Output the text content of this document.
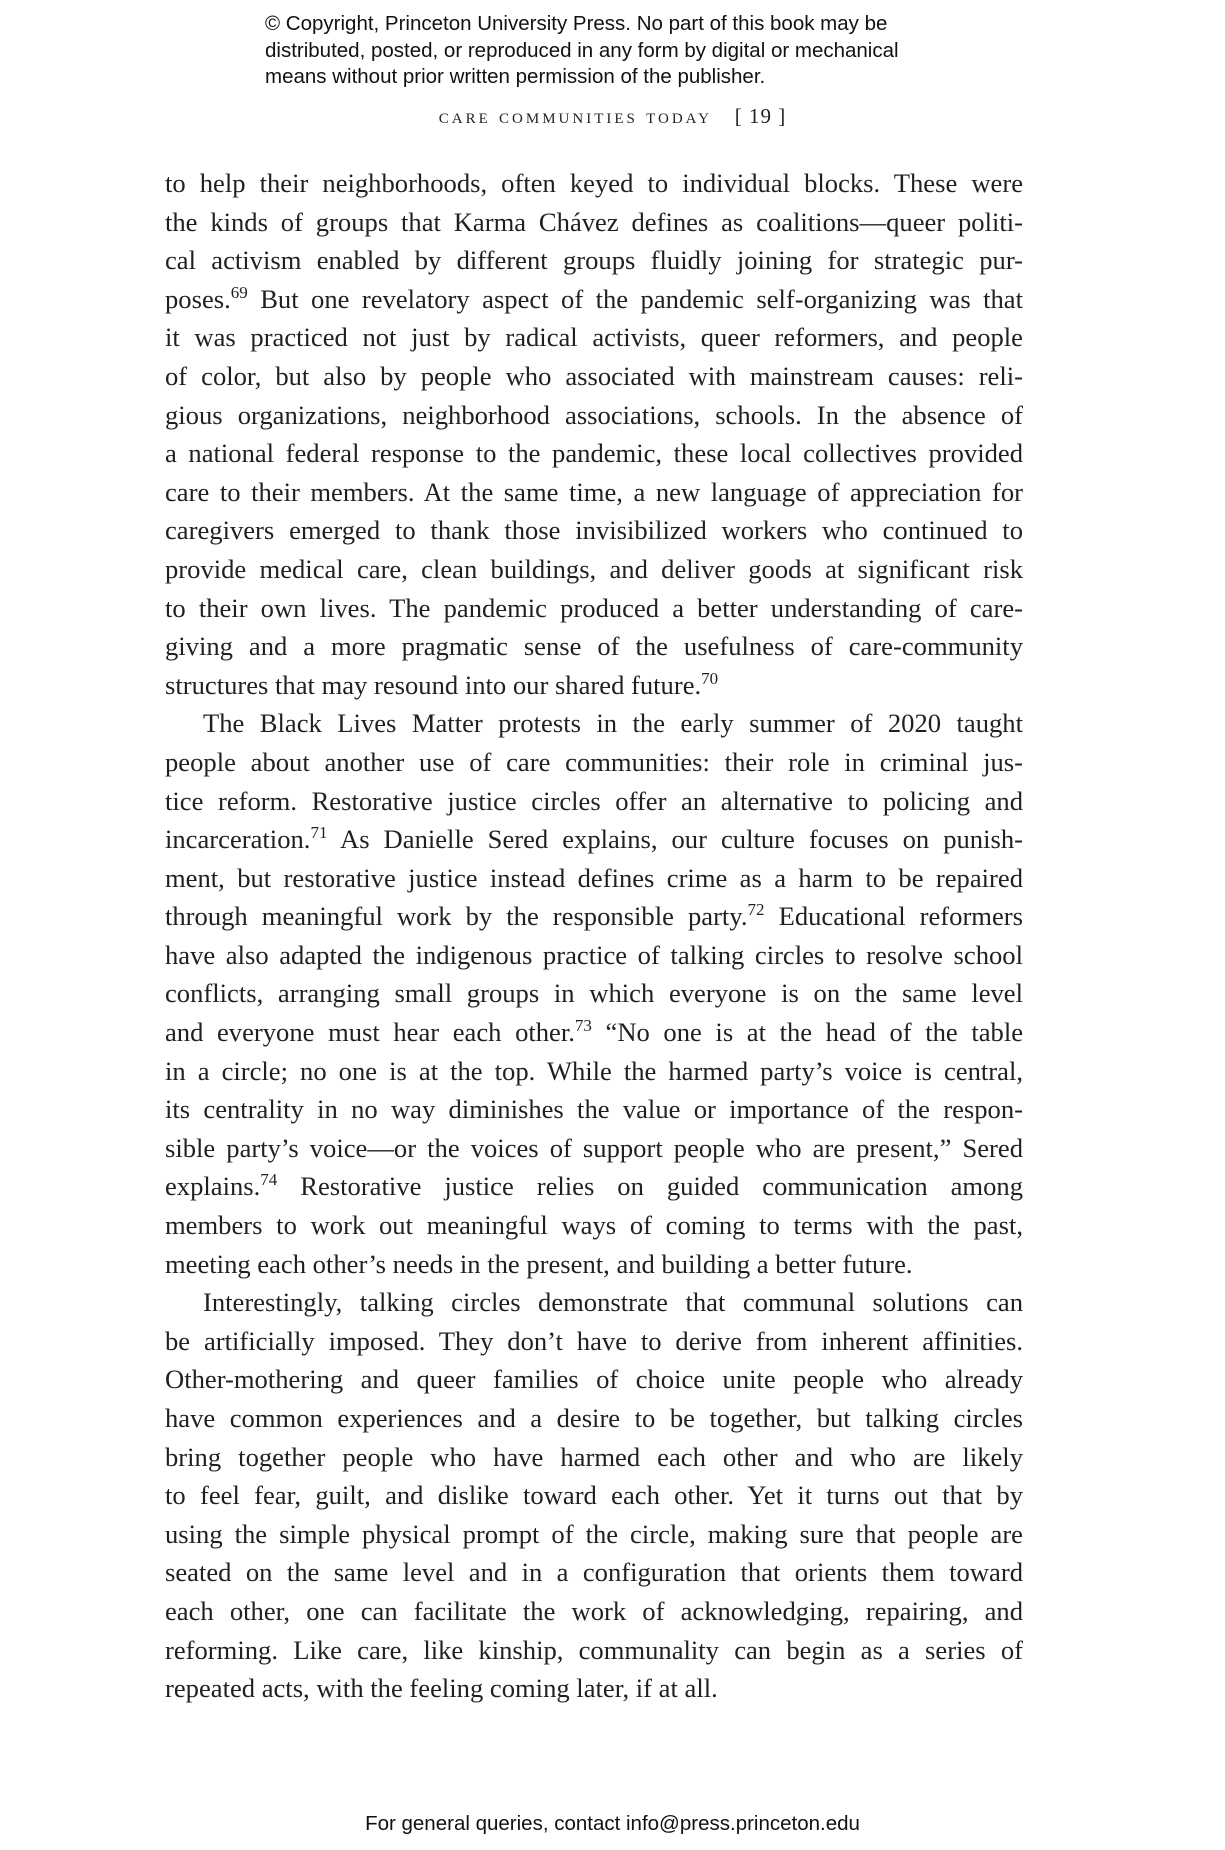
© Copyright, Princeton University Press. No part of this book may be
distributed, posted, or reproduced in any form by digital or mechanical
means without prior written permission of the publisher.
care communities today [ 19 ]

to help their neighborhoods, often keyed to individual blocks. These were
the kinds of groups that Karma Chávez defines as coalitions—queer politi-
cal activism enabled by different groups fluidly joining for strategic pur-
poses.$^{69}$ But one revelatory aspect of the pandemic self-organizing was that
it was practiced not just by radical activists, queer reformers, and people
of color, but also by people who associated with mainstream causes: reli-
gious organizations, neighborhood associations, schools. In the absence of
a national federal response to the pandemic, these local collectives provided
care to their members. At the same time, a new language of appreciation for
caregivers emerged to thank those invisibilized workers who continued to
provide medical care, clean buildings, and deliver goods at significant risk
to their own lives. The pandemic produced a better understanding of care-
giving and a more pragmatic sense of the usefulness of care-community
structures that may resound into our shared future.$^{70}$

The Black Lives Matter protests in the early summer of 2020 taught
people about another use of care communities: their role in criminal jus-
tice reform. Restorative justice circles offer an alternative to policing and
incarceration.$^{71}$ As Danielle Sered explains, our culture focuses on punish-
ment, but restorative justice instead defines crime as a harm to be repaired
through meaningful work by the responsible party.$^{72}$ Educational reformers
have also adapted the indigenous practice of talking circles to resolve school
conflicts, arranging small groups in which everyone is on the same level
and everyone must hear each other.$^{73}$ “No one is at the head of the table
in a circle; no one is at the top. While the harmed party’s voice is central,
its centrality in no way diminishes the value or importance of the respon-
sible party’s voice—or the voices of support people who are present,” Sered
explains.$^{74}$ Restorative justice relies on guided communication among
members to work out meaningful ways of coming to terms with the past,
meeting each other’s needs in the present, and building a better future.

Interestingly, talking circles demonstrate that communal solutions can
be artificially imposed. They don’t have to derive from inherent affinities.
Other-mothering and queer families of choice unite people who already
have common experiences and a desire to be together, but talking circles
bring together people who have harmed each other and who are likely
to feel fear, guilt, and dislike toward each other. Yet it turns out that by
using the simple physical prompt of the circle, making sure that people are
seated on the same level and in a configuration that orients them toward
each other, one can facilitate the work of acknowledging, repairing, and
reforming. Like care, like kinship, communality can begin as a series of
repeated acts, with the feeling coming later, if at all.

For general queries, contact info@press.princeton.edu
